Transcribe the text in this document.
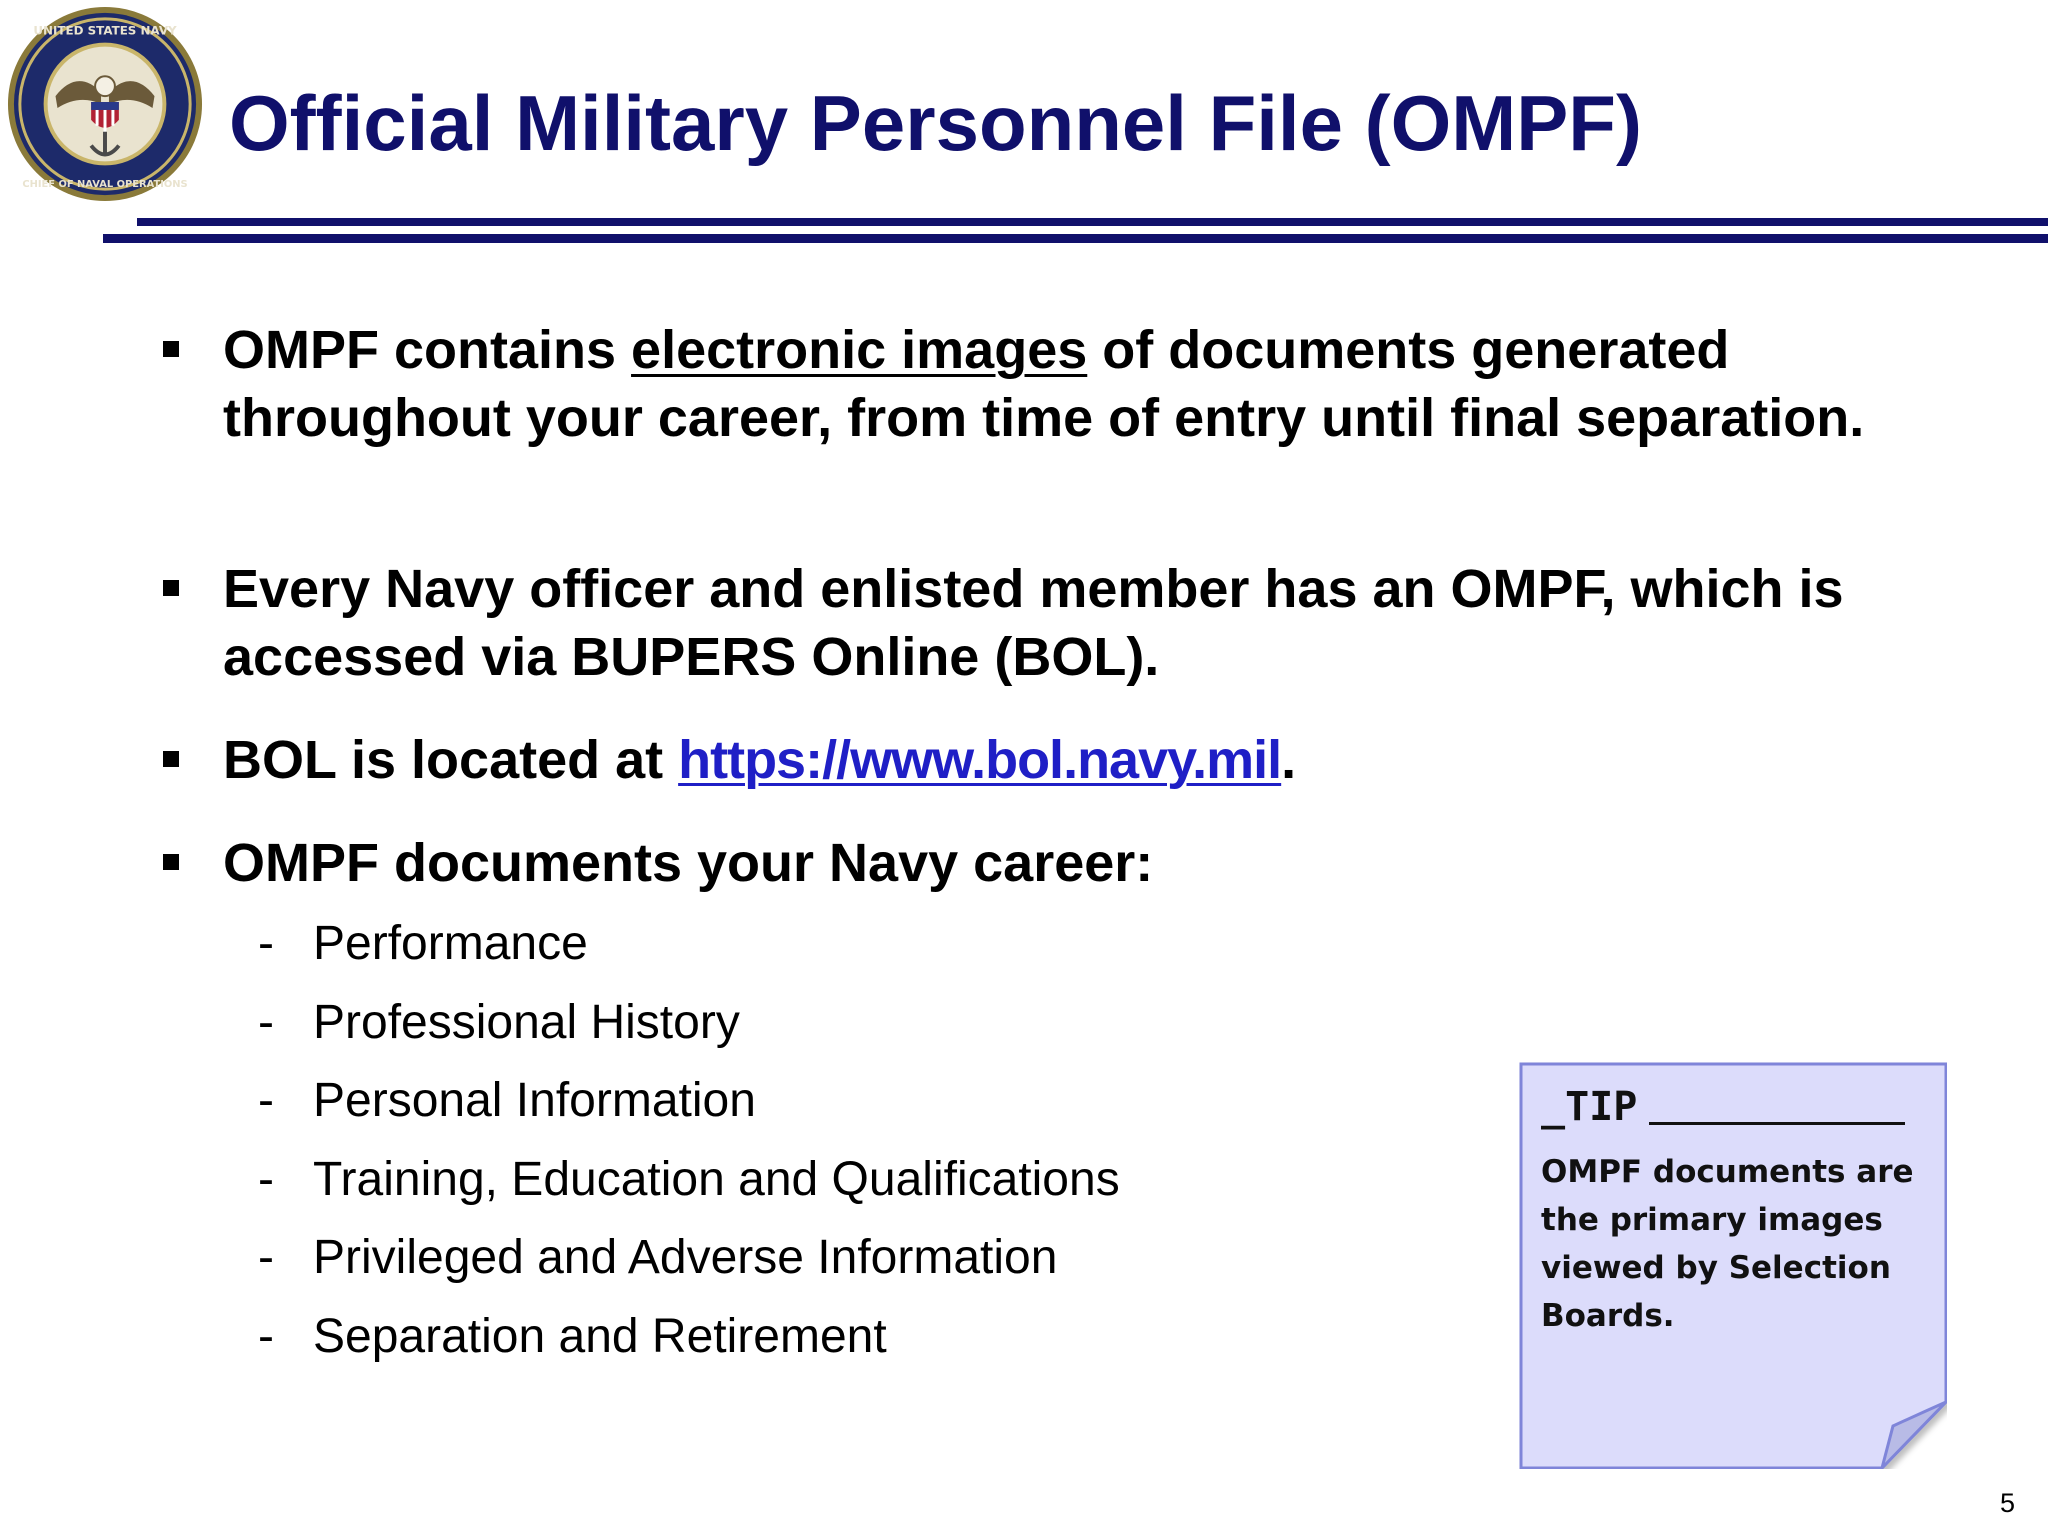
UNITED STATES NAVY
CHIEF OF NAVAL OPERATIONS
Official Military Personnel File (OMPF)
OMPF contains electronic images of documents generated throughout your career, from time of entry until final separation.
Every Navy officer and enlisted member has an OMPF, which is accessed via BUPERS Online (BOL).
BOL is located at https://www.bol.navy.mil.
OMPF documents your Navy career:
- Performance
- Professional History
- Personal Information
- Training, Education and Qualifications
- Privileged and Adverse Information
- Separation and Retirement
_TIP
OMPF documents are the primary images viewed by Selection Boards.
5
